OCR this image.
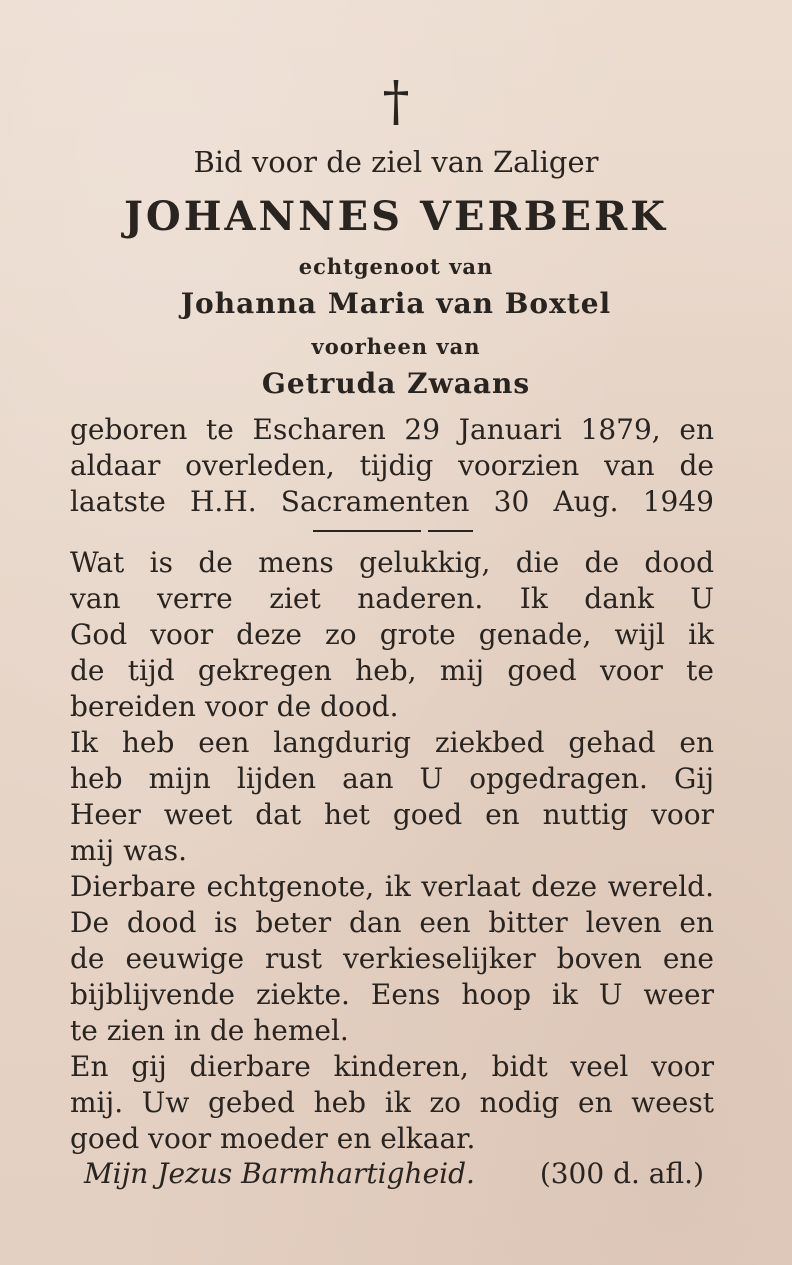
†
Bid voor de ziel van Zaliger
JOHANNES VERBERK
echtgenoot van
Johanna Maria van Boxtel
voorheen van
Getruda Zwaans
geboren te Escharen 29 Januari 1879, en
aldaar overleden, tijdig voorzien van de
laatste H.H. Sacramenten 30 Aug. 1949
Wat is de mens gelukkig, die de dood
van verre ziet naderen. Ik dank U
God voor deze zo grote genade, wijl ik
de tijd gekregen heb, mij goed voor te
bereiden voor de dood.
Ik heb een langdurig ziekbed gehad en
heb mijn lijden aan U opgedragen. Gij
Heer weet dat het goed en nuttig voor
mij was.
Dierbare echtgenote, ik verlaat deze wereld.
De dood is beter dan een bitter leven en
de eeuwige rust verkieselijker boven ene
bijblijvende ziekte. Eens hoop ik U weer
te zien in de hemel.
En gij dierbare kinderen, bidt veel voor
mij. Uw gebed heb ik zo nodig en weest
goed voor moeder en elkaar.
Mijn Jezus Barmhartigheid. (300 d. afl.)
